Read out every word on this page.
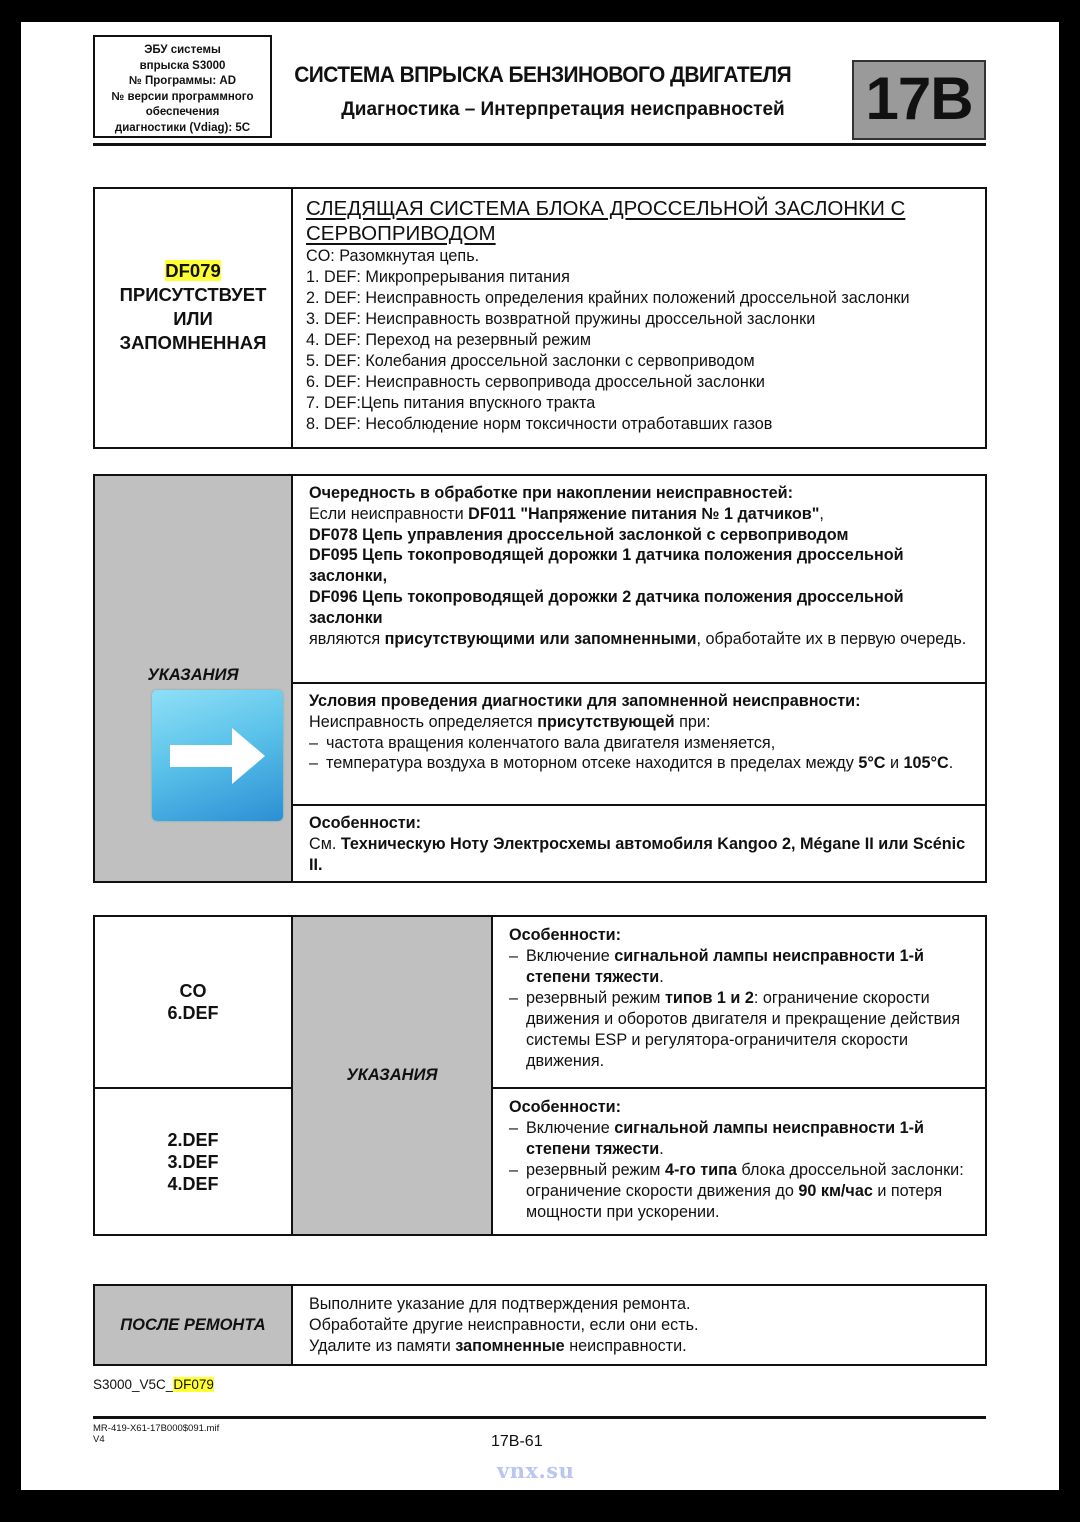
ЭБУ системы
впрыска S3000
№ Программы: AD
№ версии программного
обеспечения
диагностики (Vdiag): 5C
СИСТЕМА ВПРЫСКА БЕНЗИНОВОГО ДВИГАТЕЛЯ
Диагностика – Интерпретация неисправностей	17B
DF079
ПРИСУТСТВУЕТ
ИЛИ
ЗАПОМНЕННАЯ

СЛЕДЯЩАЯ СИСТЕМА БЛОКА ДРОССЕЛЬНОЙ ЗАСЛОНКИ С СЕРВОПРИВОДОМ
CO: Разомкнутая цепь.
1. DEF: Микропрерывания питания
2. DEF: Неисправность определения крайних положений дроссельной заслонки
3. DEF: Неисправность возвратной пружины дроссельной заслонки
4. DEF: Переход на резервный режим
5. DEF: Колебания дроссельной заслонки с сервоприводом
6. DEF: Неисправность сервопривода дроссельной заслонки
7. DEF:Цепь питания впускного тракта
8. DEF: Несоблюдение норм токсичности отработавших газов
УКАЗАНИЯ

Очередность в обработке при накоплении неисправностей:
Если неисправности DF011 "Напряжение питания № 1 датчиков",
DF078 Цепь управления дроссельной заслонкой с сервоприводом
DF095 Цепь токопроводящей дорожки 1 датчика положения дроссельной заслонки,
DF096 Цепь токопроводящей дорожки 2 датчика положения дроссельной заслонки
являются присутствующими или запомненными, обработайте их в первую очередь.

Условия проведения диагностики для запомненной неисправности:
Неисправность определяется присутствующей при:
– частота вращения коленчатого вала двигателя изменяется,
– температура воздуха в моторном отсеке находится в пределах между 5°C и 105°C.

Особенности:
См. Техническую Ноту Электросхемы автомобиля Kangoo 2, Mégane II или Scénic II.
CO
6.DEF

УКАЗАНИЯ

Особенности:
– Включение сигнальной лампы неисправности 1-й степени тяжести.
– резервный режим типов 1 и 2: ограничение скорости движения и оборотов двигателя и прекращение действия системы ESP и регулятора-ограничителя скорости движения.

2.DEF
3.DEF
4.DEF

Особенности:
– Включение сигнальной лампы неисправности 1-й степени тяжести.
– резервный режим 4-го типа блока дроссельной заслонки: ограничение скорости движения до 90 км/час и потеря мощности при ускорении.
ПОСЛЕ РЕМОНТА

Выполните указание для подтверждения ремонта.
Обработайте другие неисправности, если они есть.
Удалите из памяти запомненные неисправности.
S3000_V5C_DF079
MR-419-X61-17B000$091.mif
V4	17B-61
vnx.su
